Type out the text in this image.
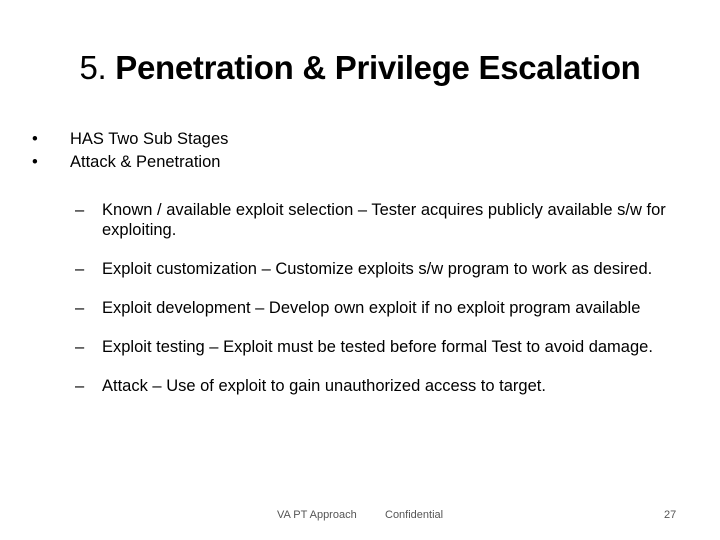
5. Penetration & Privilege Escalation
• HAS Two Sub Stages
• Attack & Penetration
– Known / available exploit selection – Tester acquires publicly available s/w for exploiting.
– Exploit customization – Customize exploits s/w program to work as desired.
– Exploit development – Develop own exploit if no exploit program available
– Exploit testing – Exploit must be tested before formal Test to avoid damage.
– Attack – Use of exploit to gain unauthorized access to target.
VA PT Approach	Confidential	27
